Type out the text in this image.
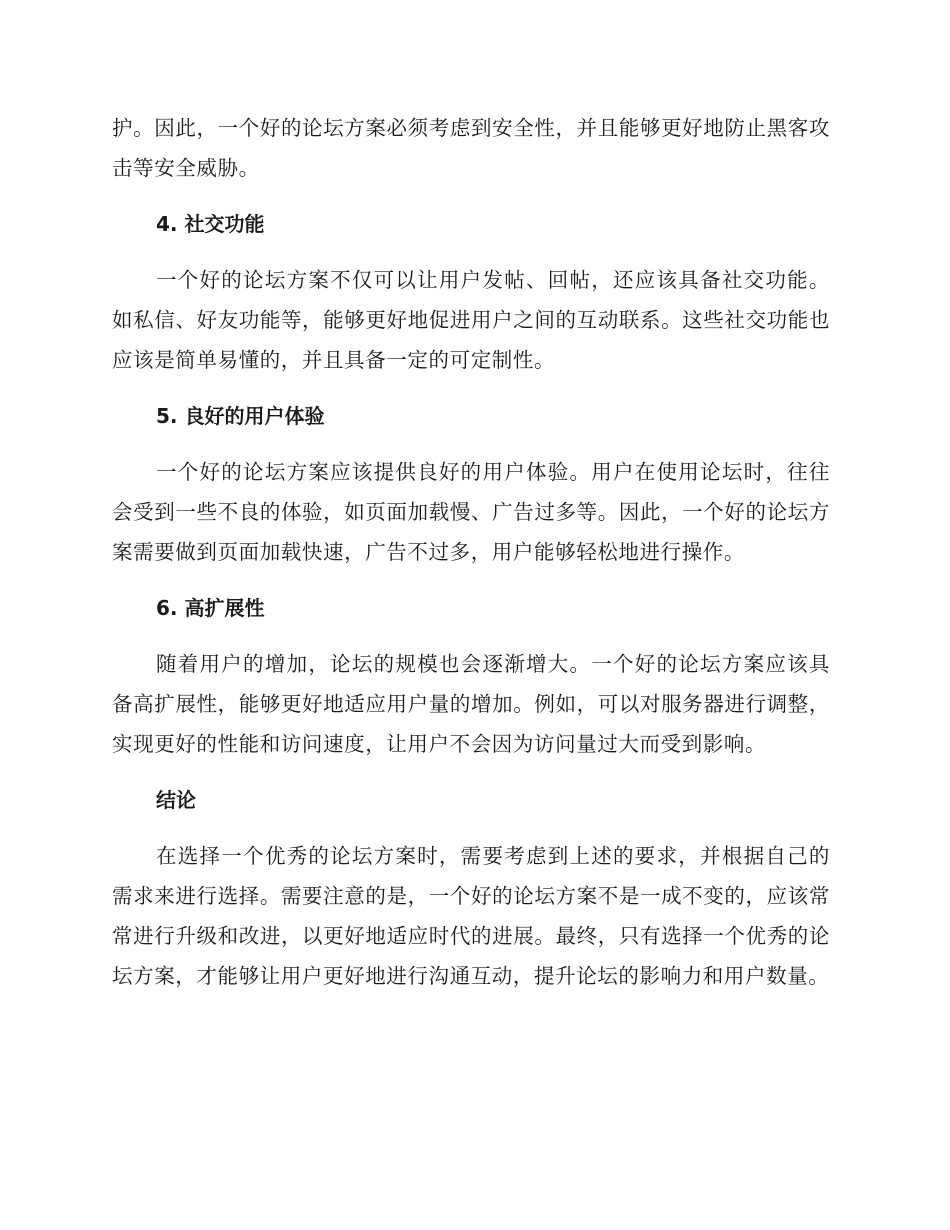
护。因此，一个好的论坛方案必须考虑到安全性，并且能够更好地防止黑客攻击等安全威胁。

4. 社交功能

一个好的论坛方案不仅可以让用户发帖、回帖，还应该具备社交功能。如私信、好友功能等，能够更好地促进用户之间的互动联系。这些社交功能也应该是简单易懂的，并且具备一定的可定制性。

5. 良好的用户体验

一个好的论坛方案应该提供良好的用户体验。用户在使用论坛时，往往会受到一些不良的体验，如页面加载慢、广告过多等。因此，一个好的论坛方案需要做到页面加载快速，广告不过多，用户能够轻松地进行操作。

6. 高扩展性

随着用户的增加，论坛的规模也会逐渐增大。一个好的论坛方案应该具备高扩展性，能够更好地适应用户量的增加。例如，可以对服务器进行调整，实现更好的性能和访问速度，让用户不会因为访问量过大而受到影响。

结论

在选择一个优秀的论坛方案时，需要考虑到上述的要求，并根据自己的需求来进行选择。需要注意的是，一个好的论坛方案不是一成不变的，应该常常进行升级和改进，以更好地适应时代的进展。最终，只有选择一个优秀的论坛方案，才能够让用户更好地进行沟通互动，提升论坛的影响力和用户数量。
